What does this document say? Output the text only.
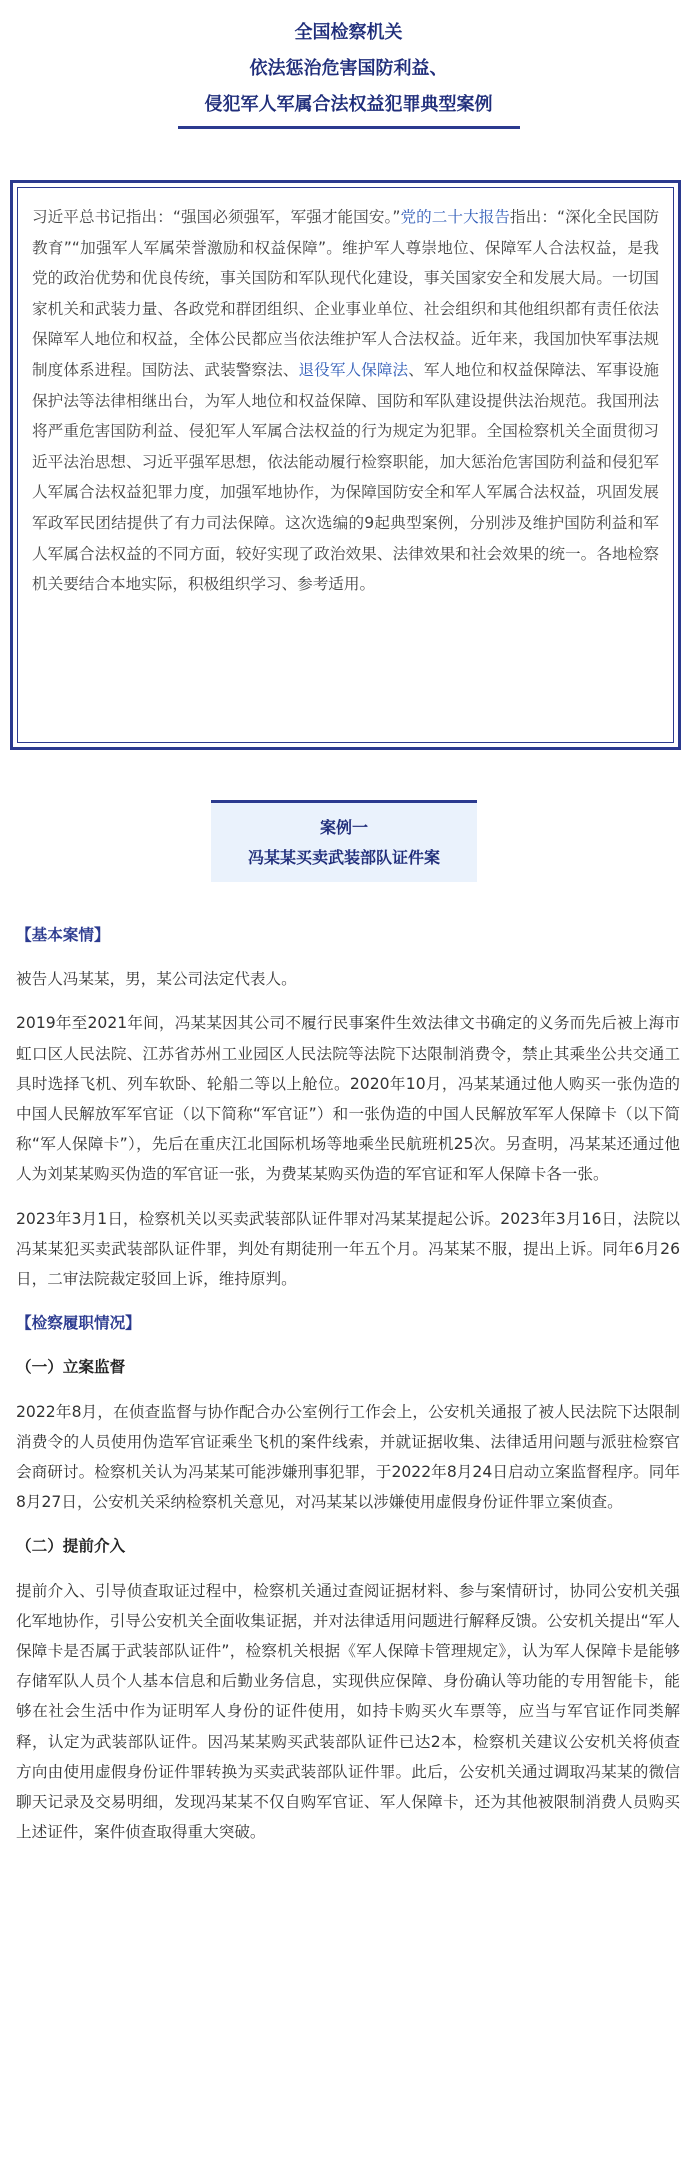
全国检察机关
依法惩治危害国防利益、
侵犯军人军属合法权益犯罪典型案例
习近平总书记指出：“强国必须强军，军强才能国安。”党的二十大报告指出：“深化全民国防教育”“加强军人军属荣誉激励和权益保障”。维护军人尊崇地位、保障军人合法权益，是我党的政治优势和优良传统，事关国防和军队现代化建设，事关国家安全和发展大局。一切国家机关和武装力量、各政党和群团组织、企业事业单位、社会组织和其他组织都有责任依法保障军人地位和权益，全体公民都应当依法维护军人合法权益。近年来，我国加快军事法规制度体系进程。国防法、武装警察法、退役军人保障法、军人地位和权益保障法、军事设施保护法等法律相继出台，为军人地位和权益保障、国防和军队建设提供法治规范。我国刑法将严重危害国防利益、侵犯军人军属合法权益的行为规定为犯罪。全国检察机关全面贯彻习近平法治思想、习近平强军思想，依法能动履行检察职能，加大惩治危害国防利益和侵犯军人军属合法权益犯罪力度，加强军地协作，为保障国防安全和军人军属合法权益，巩固发展军政军民团结提供了有力司法保障。这次选编的9起典型案例，分别涉及维护国防利益和军人军属合法权益的不同方面，较好实现了政治效果、法律效果和社会效果的统一。各地检察机关要结合本地实际，积极组织学习、参考适用。
案例一
冯某某买卖武装部队证件案
【基本案情】

被告人冯某某，男，某公司法定代表人。

2019年至2021年间，冯某某因其公司不履行民事案件生效法律文书确定的义务而先后被上海市虹口区人民法院、江苏省苏州工业园区人民法院等法院下达限制消费令，禁止其乘坐公共交通工具时选择飞机、列车软卧、轮船二等以上舱位。2020年10月，冯某某通过他人购买一张伪造的中国人民解放军军官证（以下简称“军官证”）和一张伪造的中国人民解放军军人保障卡（以下简称“军人保障卡”），先后在重庆江北国际机场等地乘坐民航班机25次。另查明，冯某某还通过他人为刘某某购买伪造的军官证一张，为费某某购买伪造的军官证和军人保障卡各一张。

2023年3月1日，检察机关以买卖武装部队证件罪对冯某某提起公诉。2023年3月16日，法院以冯某某犯买卖武装部队证件罪，判处有期徒刑一年五个月。冯某某不服，提出上诉。同年6月26日，二审法院裁定驳回上诉，维持原判。

【检察履职情况】
（一）立案监督

2022年8月，在侦查监督与协作配合办公室例行工作会上，公安机关通报了被人民法院下达限制消费令的人员使用伪造军官证乘坐飞机的案件线索，并就证据收集、法律适用问题与派驻检察官会商研讨。检察机关认为冯某某可能涉嫌刑事犯罪，于2022年8月24日启动立案监督程序。同年8月27日，公安机关采纳检察机关意见，对冯某某以涉嫌使用虚假身份证件罪立案侦查。

（二）提前介入

提前介入、引导侦查取证过程中，检察机关通过查阅证据材料、参与案情研讨，协同公安机关强化军地协作，引导公安机关全面收集证据，并对法律适用问题进行解释反馈。公安机关提出“军人保障卡是否属于武装部队证件”，检察机关根据《军人保障卡管理规定》，认为军人保障卡是能够存储军队人员个人基本信息和后勤业务信息，实现供应保障、身份确认等功能的专用智能卡，能够在社会生活中作为证明军人身份的证件使用，如持卡购买火车票等，应当与军官证作同类解释，认定为武装部队证件。因冯某某购买武装部队证件已达2本，检察机关建议公安机关将侦查方向由使用虚假身份证件罪转换为买卖武装部队证件罪。此后，公安机关通过调取冯某某的微信聊天记录及交易明细，发现冯某某不仅自购军官证、军人保障卡，还为其他被限制消费人员购买上述证件，案件侦查取得重大突破。
